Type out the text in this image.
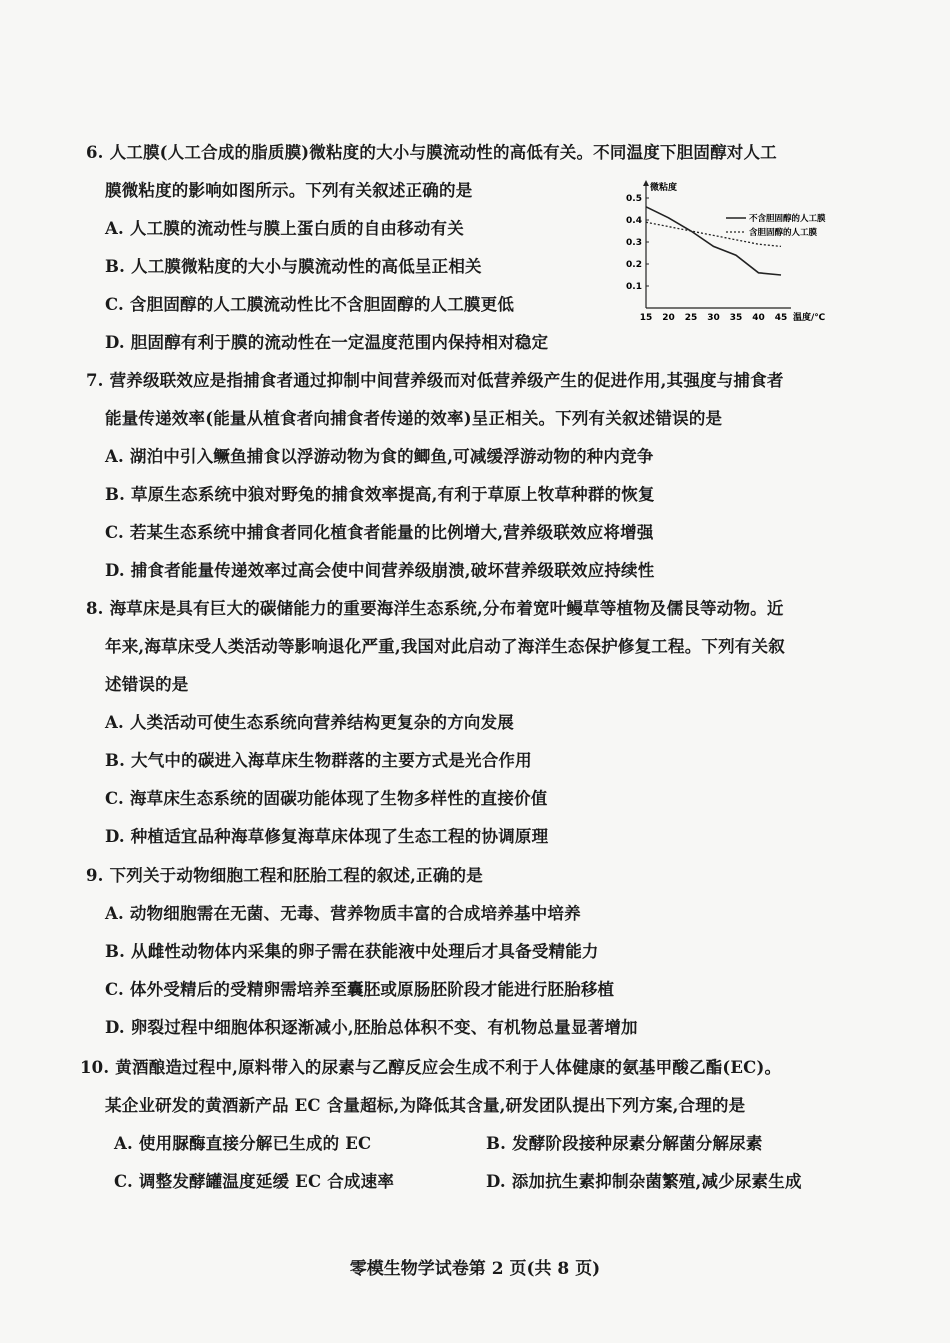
6. 人工膜(人工合成的脂质膜)微粘度的大小与膜流动性的高低有关。不同温度下胆固醇对人工
膜微粘度的影响如图所示。下列有关叙述正确的是
A. 人工膜的流动性与膜上蛋白质的自由移动有关
B. 人工膜微粘度的大小与膜流动性的高低呈正相关
C. 含胆固醇的人工膜流动性比不含胆固醇的人工膜更低
D. 胆固醇有利于膜的流动性在一定温度范围内保持相对稳定
微粘度
温度/℃
0.5
0.4
0.3
0.2
0.1
15 20 25 30 35 40 45
不含胆固醇的人工膜
含胆固醇的人工膜
7. 营养级联效应是指捕食者通过抑制中间营养级而对低营养级产生的促进作用,其强度与捕食者
能量传递效率(能量从植食者向捕食者传递的效率)呈正相关。下列有关叙述错误的是
A. 湖泊中引入鳜鱼捕食以浮游动物为食的鲫鱼,可减缓浮游动物的种内竞争
B. 草原生态系统中狼对野兔的捕食效率提高,有利于草原上牧草种群的恢复
C. 若某生态系统中捕食者同化植食者能量的比例增大,营养级联效应将增强
D. 捕食者能量传递效率过高会使中间营养级崩溃,破坏营养级联效应持续性
8. 海草床是具有巨大的碳储能力的重要海洋生态系统,分布着宽叶鳗草等植物及儒艮等动物。近
年来,海草床受人类活动等影响退化严重,我国对此启动了海洋生态保护修复工程。下列有关叙
述错误的是
A. 人类活动可使生态系统向营养结构更复杂的方向发展
B. 大气中的碳进入海草床生物群落的主要方式是光合作用
C. 海草床生态系统的固碳功能体现了生物多样性的直接价值
D. 种植适宜品种海草修复海草床体现了生态工程的协调原理
9. 下列关于动物细胞工程和胚胎工程的叙述,正确的是
A. 动物细胞需在无菌、无毒、营养物质丰富的合成培养基中培养
B. 从雌性动物体内采集的卵子需在获能液中处理后才具备受精能力
C. 体外受精后的受精卵需培养至囊胚或原肠胚阶段才能进行胚胎移植
D. 卵裂过程中细胞体积逐渐减小,胚胎总体积不变、有机物总量显著增加
10. 黄酒酿造过程中,原料带入的尿素与乙醇反应会生成不利于人体健康的氨基甲酸乙酯(EC)。
某企业研发的黄酒新产品 EC 含量超标,为降低其含量,研发团队提出下列方案,合理的是
A. 使用脲酶直接分解已生成的 EC	B. 发酵阶段接种尿素分解菌分解尿素
C. 调整发酵罐温度延缓 EC 合成速率	D. 添加抗生素抑制杂菌繁殖,减少尿素生成
零模生物学试卷第 2 页(共 8 页)
